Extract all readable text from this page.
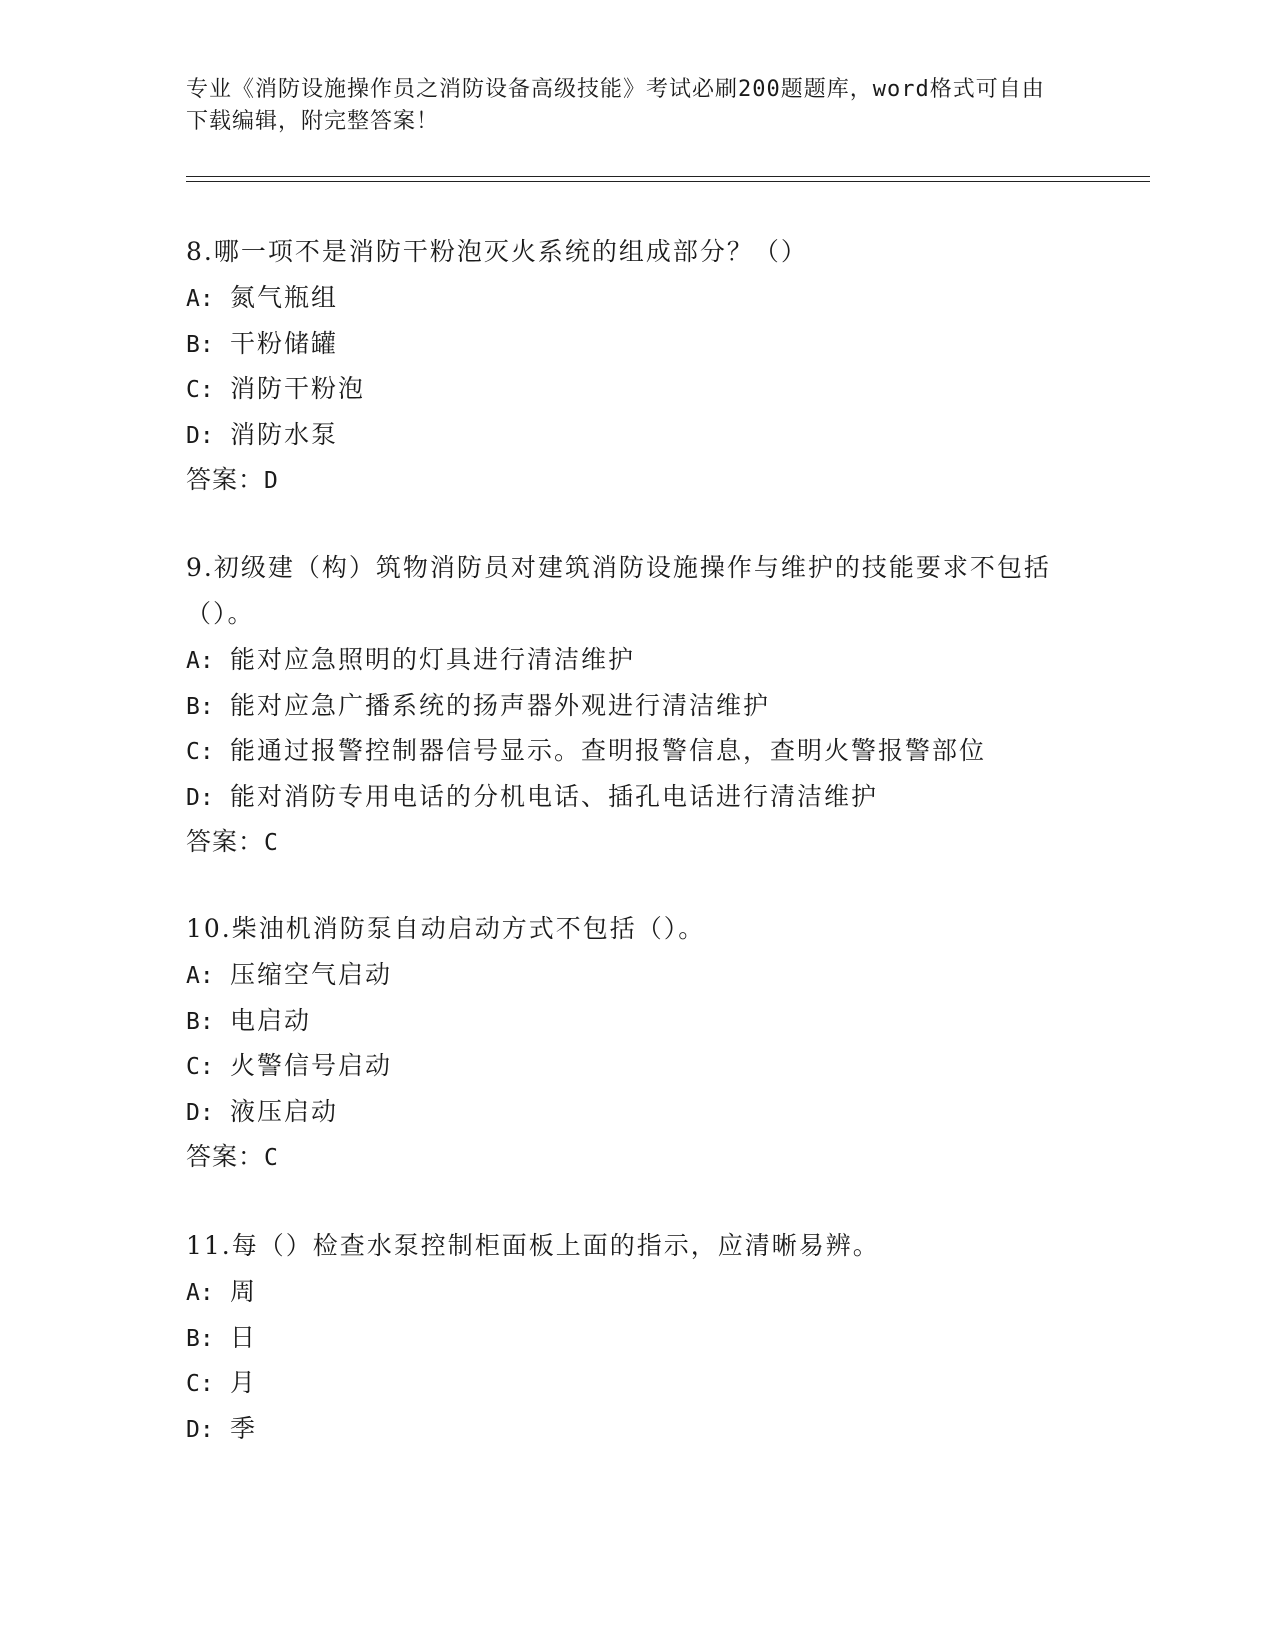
专业《消防设施操作员之消防设备高级技能》考试必刷200题题库，word格式可自由下载编辑，附完整答案！

8.哪一项不是消防干粉泡灭火系统的组成部分？（）

A: 氮气瓶组
B: 干粉储罐
C: 消防干粉泡
D: 消防水泵
答案：D

9.初级建（构）筑物消防员对建筑消防设施操作与维护的技能要求不包括（）。

A: 能对应急照明的灯具进行清洁维护
B: 能对应急广播系统的扬声器外观进行清洁维护
C: 能通过报警控制器信号显示。查明报警信息，查明火警报警部位
D: 能对消防专用电话的分机电话、插孔电话进行清洁维护
答案：C

10.柴油机消防泵自动启动方式不包括（）。

A: 压缩空气启动
B: 电启动
C: 火警信号启动
D: 液压启动
答案：C

11.每（）检查水泵控制柜面板上面的指示，应清晰易辨。

A: 周
B: 日
C: 月
D: 季
